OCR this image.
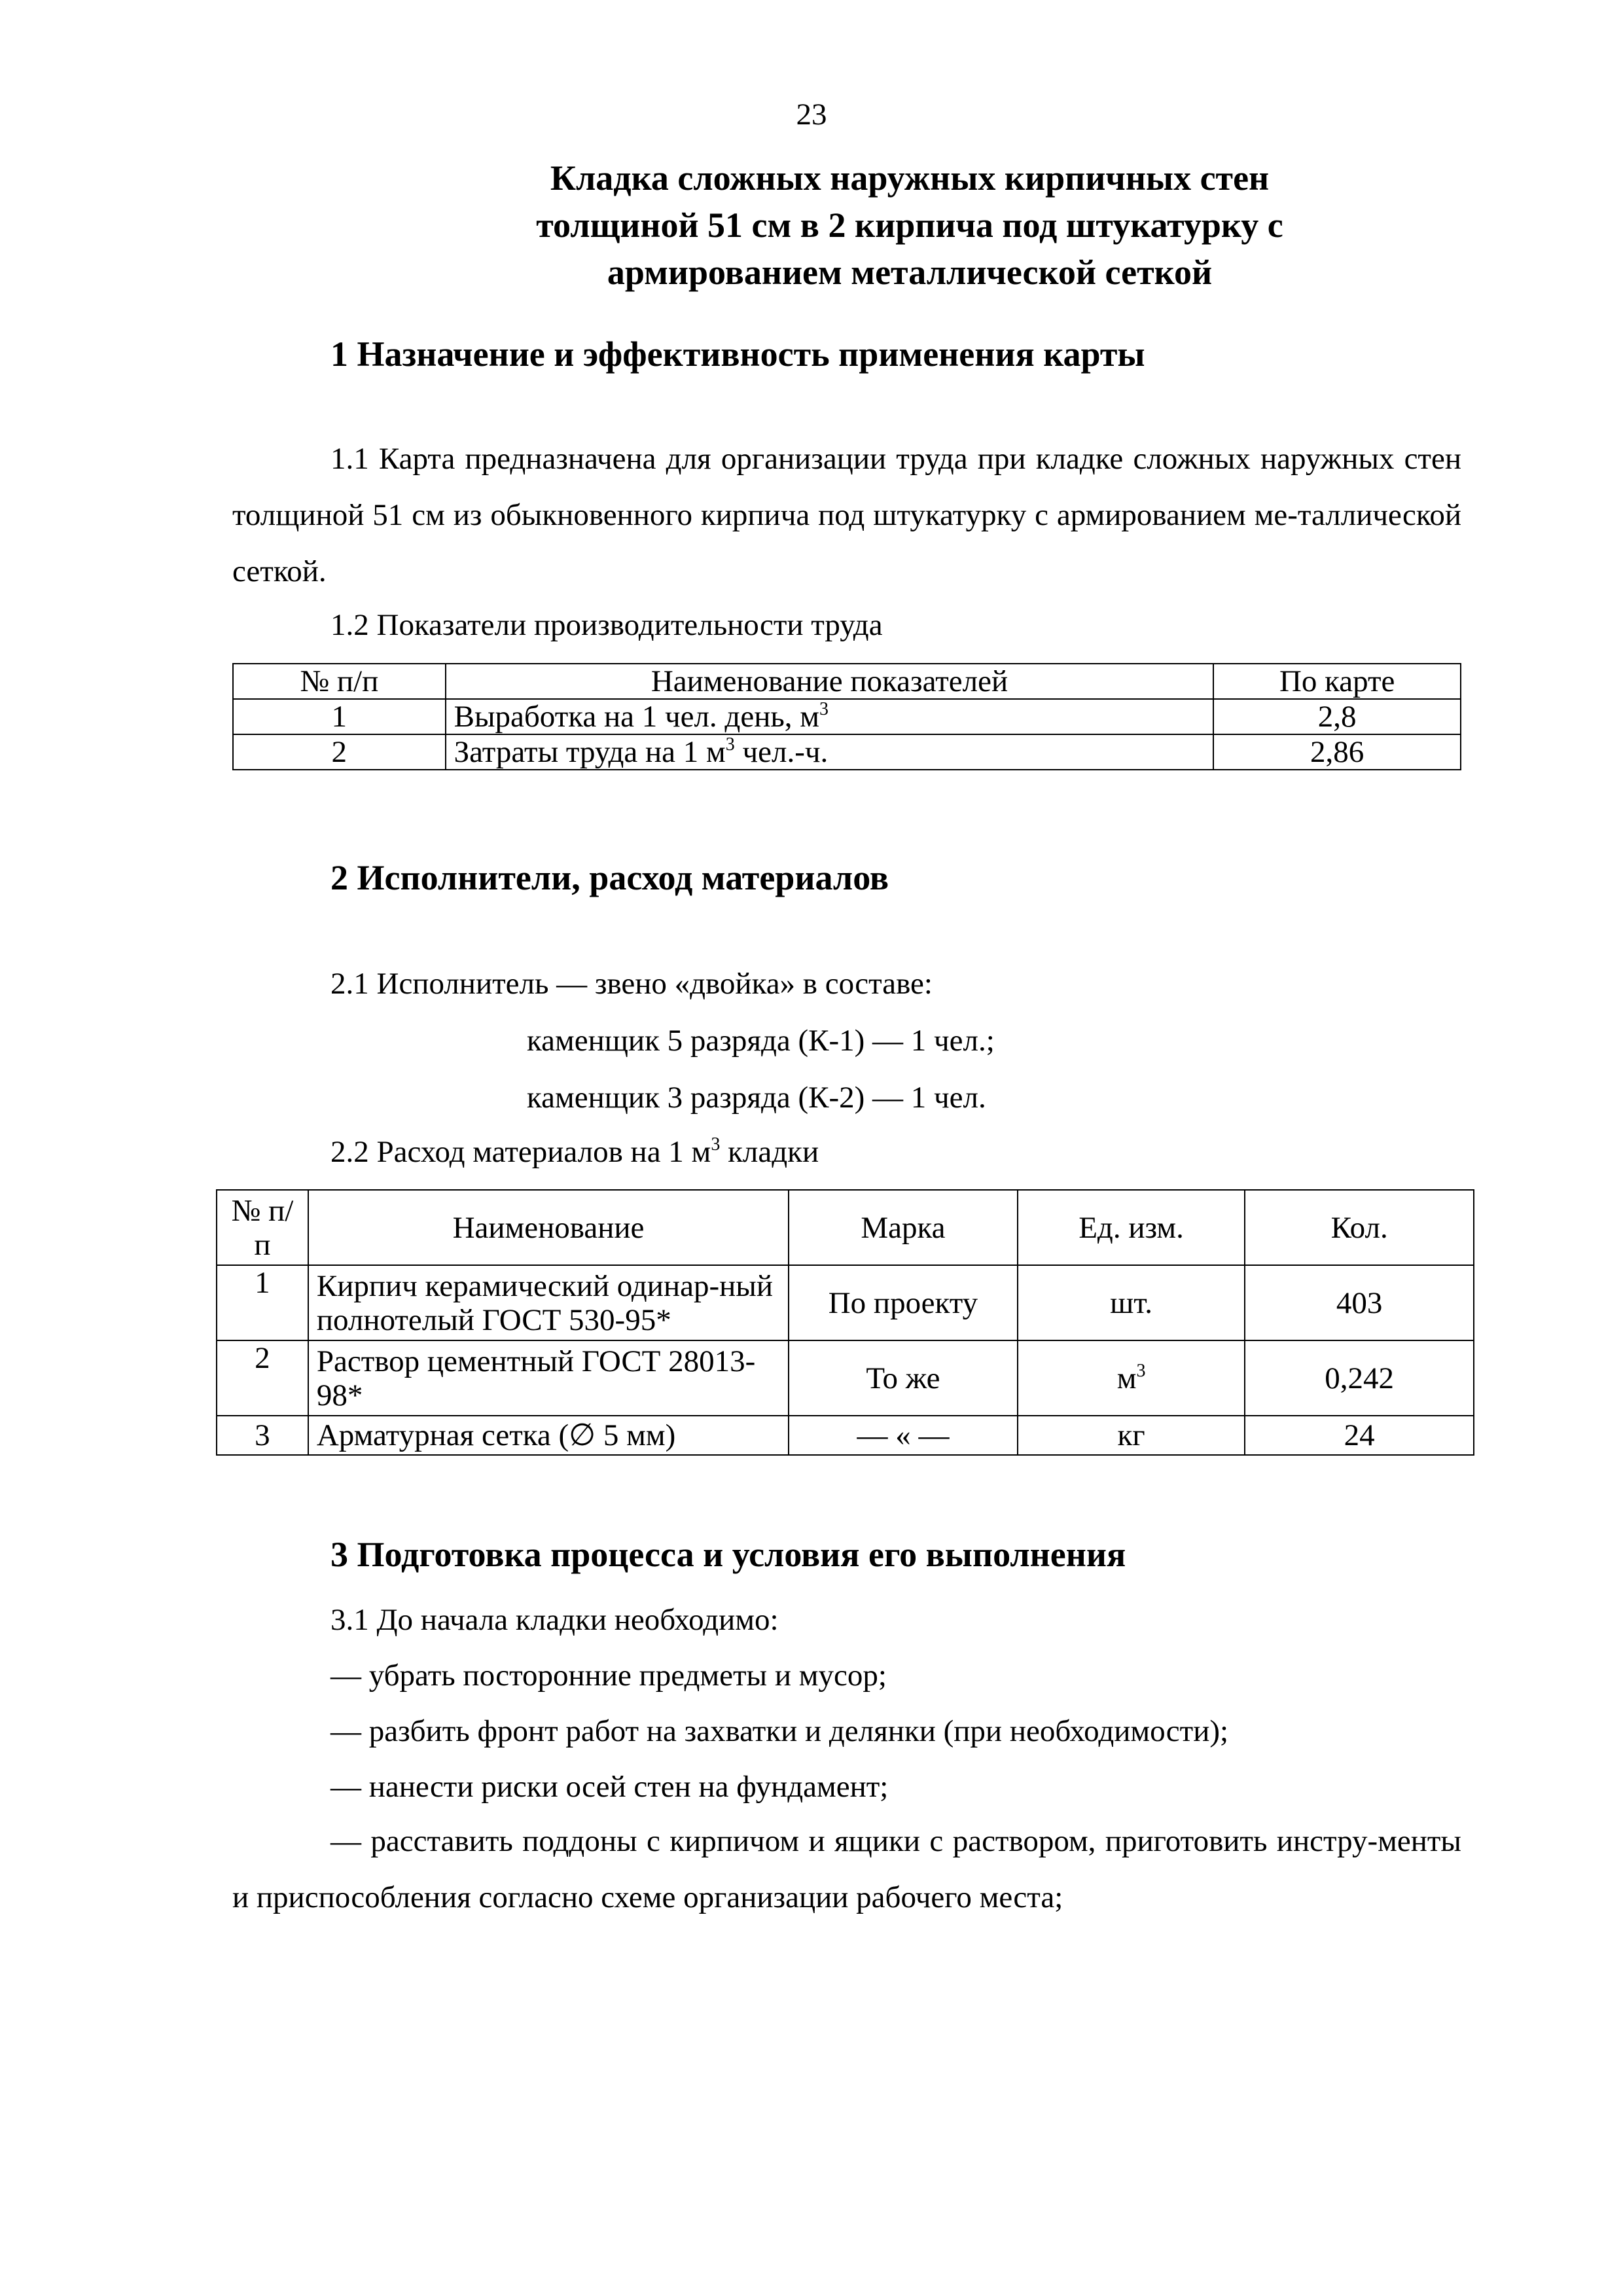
23
Кладка сложных наружных кирпичных стен
толщиной 51 см в 2 кирпича под штукатурку с
армированием металлической сеткой
1 Назначение и эффективность применения карты
1.1 Карта предназначена для организации труда при кладке сложных наружных стен толщиной 51 см из обыкновенного кирпича под штукатурку с армированием ме-таллической сеткой.
1.2 Показатели производительности труда
№ п/п	Наименование показателей	По карте
1	Выработка на 1 чел. день, $м^3$	2,8
2	Затраты труда на 1 $м^3$ чел.-ч.	2,86
2 Исполнители, расход материалов
2.1 Исполнитель — звено «двойка» в составе:
каменщик 5 разряда (К-1) — 1 чел.;
каменщик 3 разряда (К-2) — 1 чел.
2.2 Расход материалов на 1 $м^3$ кладки
№ п/п	Наименование	Марка	Ед. изм.	Кол.
1	Кирпич керамический одинар-ный полнотелый ГОСТ 530-95*	По проекту	шт.	403
2	Раствор цементный ГОСТ 28013-98*	То же	$м^3$	0,242
3	Арматурная сетка (∅ 5 мм)	— « —	кг	24
3 Подготовка процесса и условия его выполнения
3.1 До начала кладки необходимо:
— убрать посторонние предметы и мусор;
— разбить фронт работ на захватки и делянки (при необходимости);
— нанести риски осей стен на фундамент;
— расставить поддоны с кирпичом и ящики с раствором, приготовить инстру-менты и приспособления согласно схеме организации рабочего места;
